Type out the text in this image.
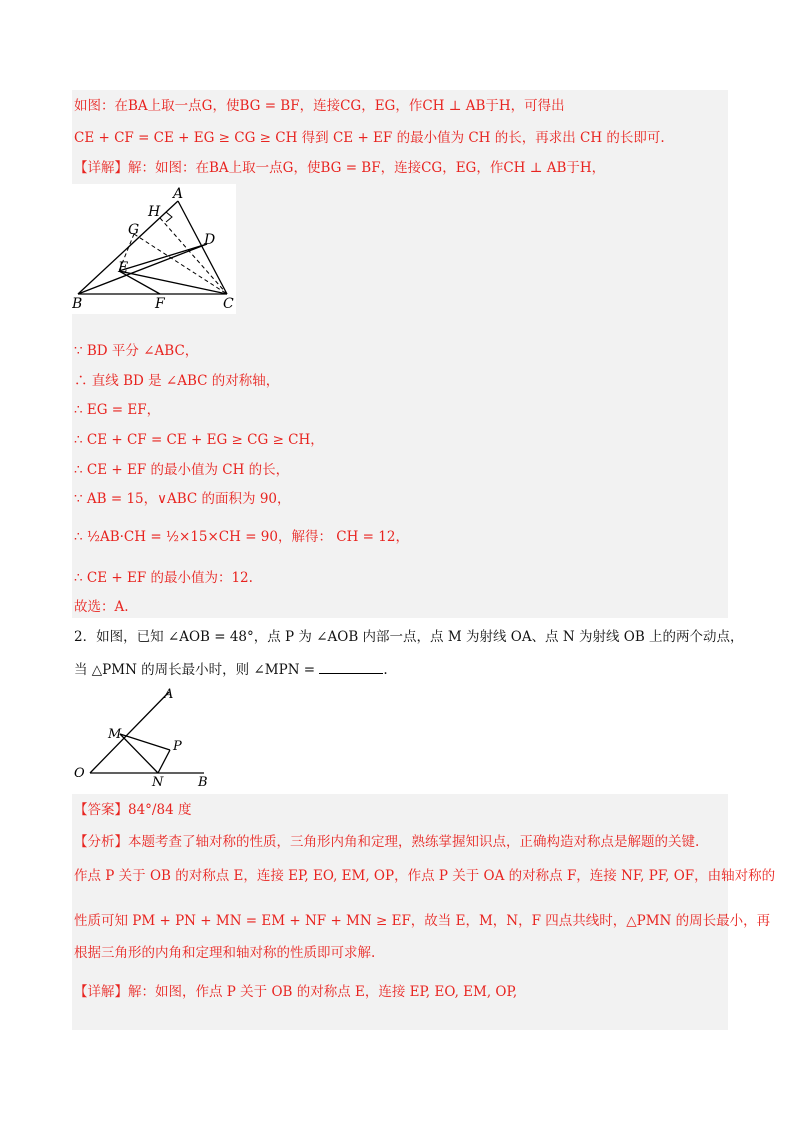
如图：在BA上取一点G，使BG = BF，连接CG，EG，作CH ⊥ AB于H，可得出
CE + CF = CE + EG ≥ CG ≥ CH 得到 CE + EF 的最小值为 CH 的长，再求出 CH 的长即可.
【详解】解：如图：在BA上取一点G，使BG = BF，连接CG，EG，作CH ⊥ AB于H，
A
H
G
D
E
B	F	C
∵ BD 平分 ∠ABC，
∴ 直线 BD 是 ∠ABC 的对称轴，
∴ EG = EF，
∴ CE + CF = CE + EG ≥ CG ≥ CH，
∴ CE + EF 的最小值为 CH 的长，
∵ AB = 15，∨ABC 的面积为 90，
∴ ½AB·CH = ½×15×CH = 90，解得： CH = 12，
∴ CE + EF 的最小值为：12.
故选：A.
2．如图，已知 ∠AOB = 48°，点 P 为 ∠AOB 内部一点，点 M 为射线 OA、点 N 为射线 OB 上的两个动点，
当 △PMN 的周长最小时，则 ∠MPN =	.
A
M
P
O
N	B
【答案】84°/84 度
【分析】本题考查了轴对称的性质，三角形内角和定理，熟练掌握知识点，正确构造对称点是解题的关键.
作点 P 关于 OB 的对称点 E，连接 EP, EO, EM, OP，作点 P 关于 OA 的对称点 F，连接 NF, PF, OF，由轴对称的
性质可知 PM + PN + MN = EM + NF + MN ≥ EF，故当 E，M，N，F 四点共线时，△PMN 的周长最小，再
根据三角形的内角和定理和轴对称的性质即可求解.
【详解】解：如图，作点 P 关于 OB 的对称点 E，连接 EP, EO, EM, OP,
